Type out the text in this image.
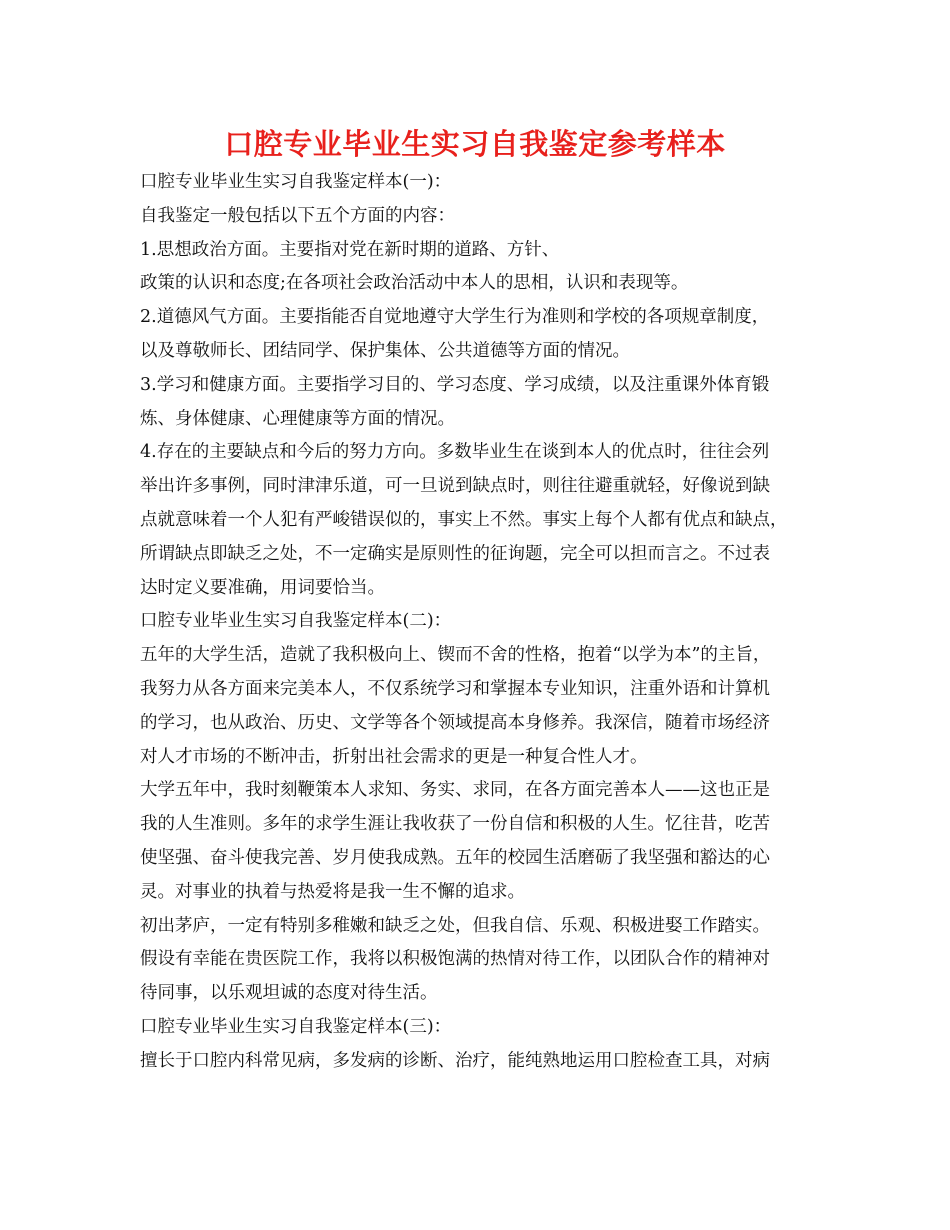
口腔专业毕业生实习自我鉴定参考样本
口腔专业毕业生实习自我鉴定样本(一)：
自我鉴定一般包括以下五个方面的内容：
1.思想政治方面。主要指对党在新时期的道路、方针、
政策的认识和态度;在各项社会政治活动中本人的思相，认识和表现等。
2.道德风气方面。主要指能否自觉地遵守大学生行为准则和学校的各项规章制度，
以及尊敬师长、团结同学、保护集体、公共道德等方面的情况。
3.学习和健康方面。主要指学习目的、学习态度、学习成绩，以及注重课外体育锻
炼、身体健康、心理健康等方面的情况。
4.存在的主要缺点和今后的努力方向。多数毕业生在谈到本人的优点时，往往会列
举出许多事例，同时津津乐道，可一旦说到缺点时，则往往避重就轻，好像说到缺
点就意味着一个人犯有严峻错误似的，事实上不然。事实上每个人都有优点和缺点，
所谓缺点即缺乏之处，不一定确实是原则性的征询题，完全可以担而言之。不过表
达时定义要准确，用词要恰当。
口腔专业毕业生实习自我鉴定样本(二)：
五年的大学生活，造就了我积极向上、锲而不舍的性格，抱着“以学为本”的主旨，
我努力从各方面来完美本人，不仅系统学习和掌握本专业知识，注重外语和计算机
的学习，也从政治、历史、文学等各个领域提高本身修养。我深信，随着市场经济
对人才市场的不断冲击，折射出社会需求的更是一种复合性人才。
大学五年中，我时刻鞭策本人求知、务实、求同，在各方面完善本人——这也正是
我的人生准则。多年的求学生涯让我收获了一份自信和积极的人生。忆往昔，吃苦
使坚强、奋斗使我完善、岁月使我成熟。五年的校园生活磨砺了我坚强和豁达的心
灵。对事业的执着与热爱将是我一生不懈的追求。
初出茅庐，一定有特别多稚嫩和缺乏之处，但我自信、乐观、积极进娶工作踏实。
假设有幸能在贵医院工作，我将以积极饱满的热情对待工作，以团队合作的精神对
待同事，以乐观坦诚的态度对待生活。
口腔专业毕业生实习自我鉴定样本(三)：
擅长于口腔内科常见病，多发病的诊断、治疗，能纯熟地运用口腔检查工具，对病
